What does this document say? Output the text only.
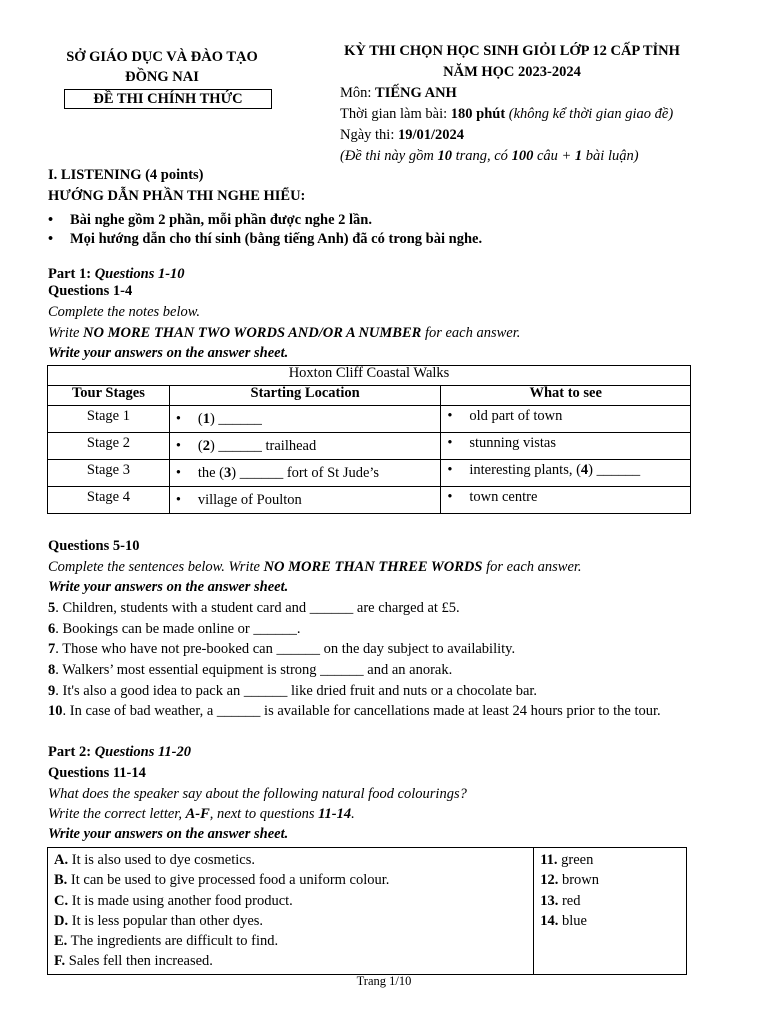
SỞ GIÁO DỤC VÀ ĐÀO TẠO
ĐỒNG NAI
ĐỀ THI CHÍNH THỨC
KỲ THI CHỌN HỌC SINH GIỎI LỚP 12 CẤP TỈNH
NĂM HỌC 2023-2024
Môn: TIẾNG ANH
Thời gian làm bài: 180 phút (không kể thời gian giao đề)
Ngày thi: 19/01/2024
(Đề thi này gồm 10 trang, có 100 câu + 1 bài luận)
I. LISTENING (4 points)
HƯỚNG DẪN PHẦN THI NGHE HIỂU:
• Bài nghe gồm 2 phần, mỗi phần được nghe 2 lần.
• Mọi hướng dẫn cho thí sinh (bằng tiếng Anh) đã có trong bài nghe.
Part 1: Questions 1-10
Questions 1-4
Complete the notes below.
Write NO MORE THAN TWO WORDS AND/OR A NUMBER for each answer.
Write your answers on the answer sheet.
Hoxton Cliff Coastal Walks		
Tour Stages	Starting Location	What to see
Stage 1	• (1) ______	• old part of town
Stage 2	• (2) ______ trailhead	• stunning vistas
Stage 3	• the (3) ______ fort of St Jude’s	• interesting plants, (4) ______
Stage 4	• village of Poulton	• town centre
Questions 5-10
Complete the sentences below. Write NO MORE THAN THREE WORDS for each answer.
Write your answers on the answer sheet.
5. Children, students with a student card and ______ are charged at £5.
6. Bookings can be made online or ______.
7. Those who have not pre-booked can ______ on the day subject to availability.
8. Walkers’ most essential equipment is strong ______ and an anorak.
9. It's also a good idea to pack an ______ like dried fruit and nuts or a chocolate bar.
10. In case of bad weather, a ______ is available for cancellations made at least 24 hours prior to the tour.
Part 2: Questions 11-20
Questions 11-14
What does the speaker say about the following natural food colourings?
Write the correct letter, A-F, next to questions 11-14.
Write your answers on the answer sheet.
A. It is also used to dye cosmetics.
B. It can be used to give processed food a uniform colour.
C. It is made using another food product.
D. It is less popular than other dyes.
E. The ingredients are difficult to find.
F. Sales fell then increased.

11. green
12. brown
13. red
14. blue
Trang 1/10
